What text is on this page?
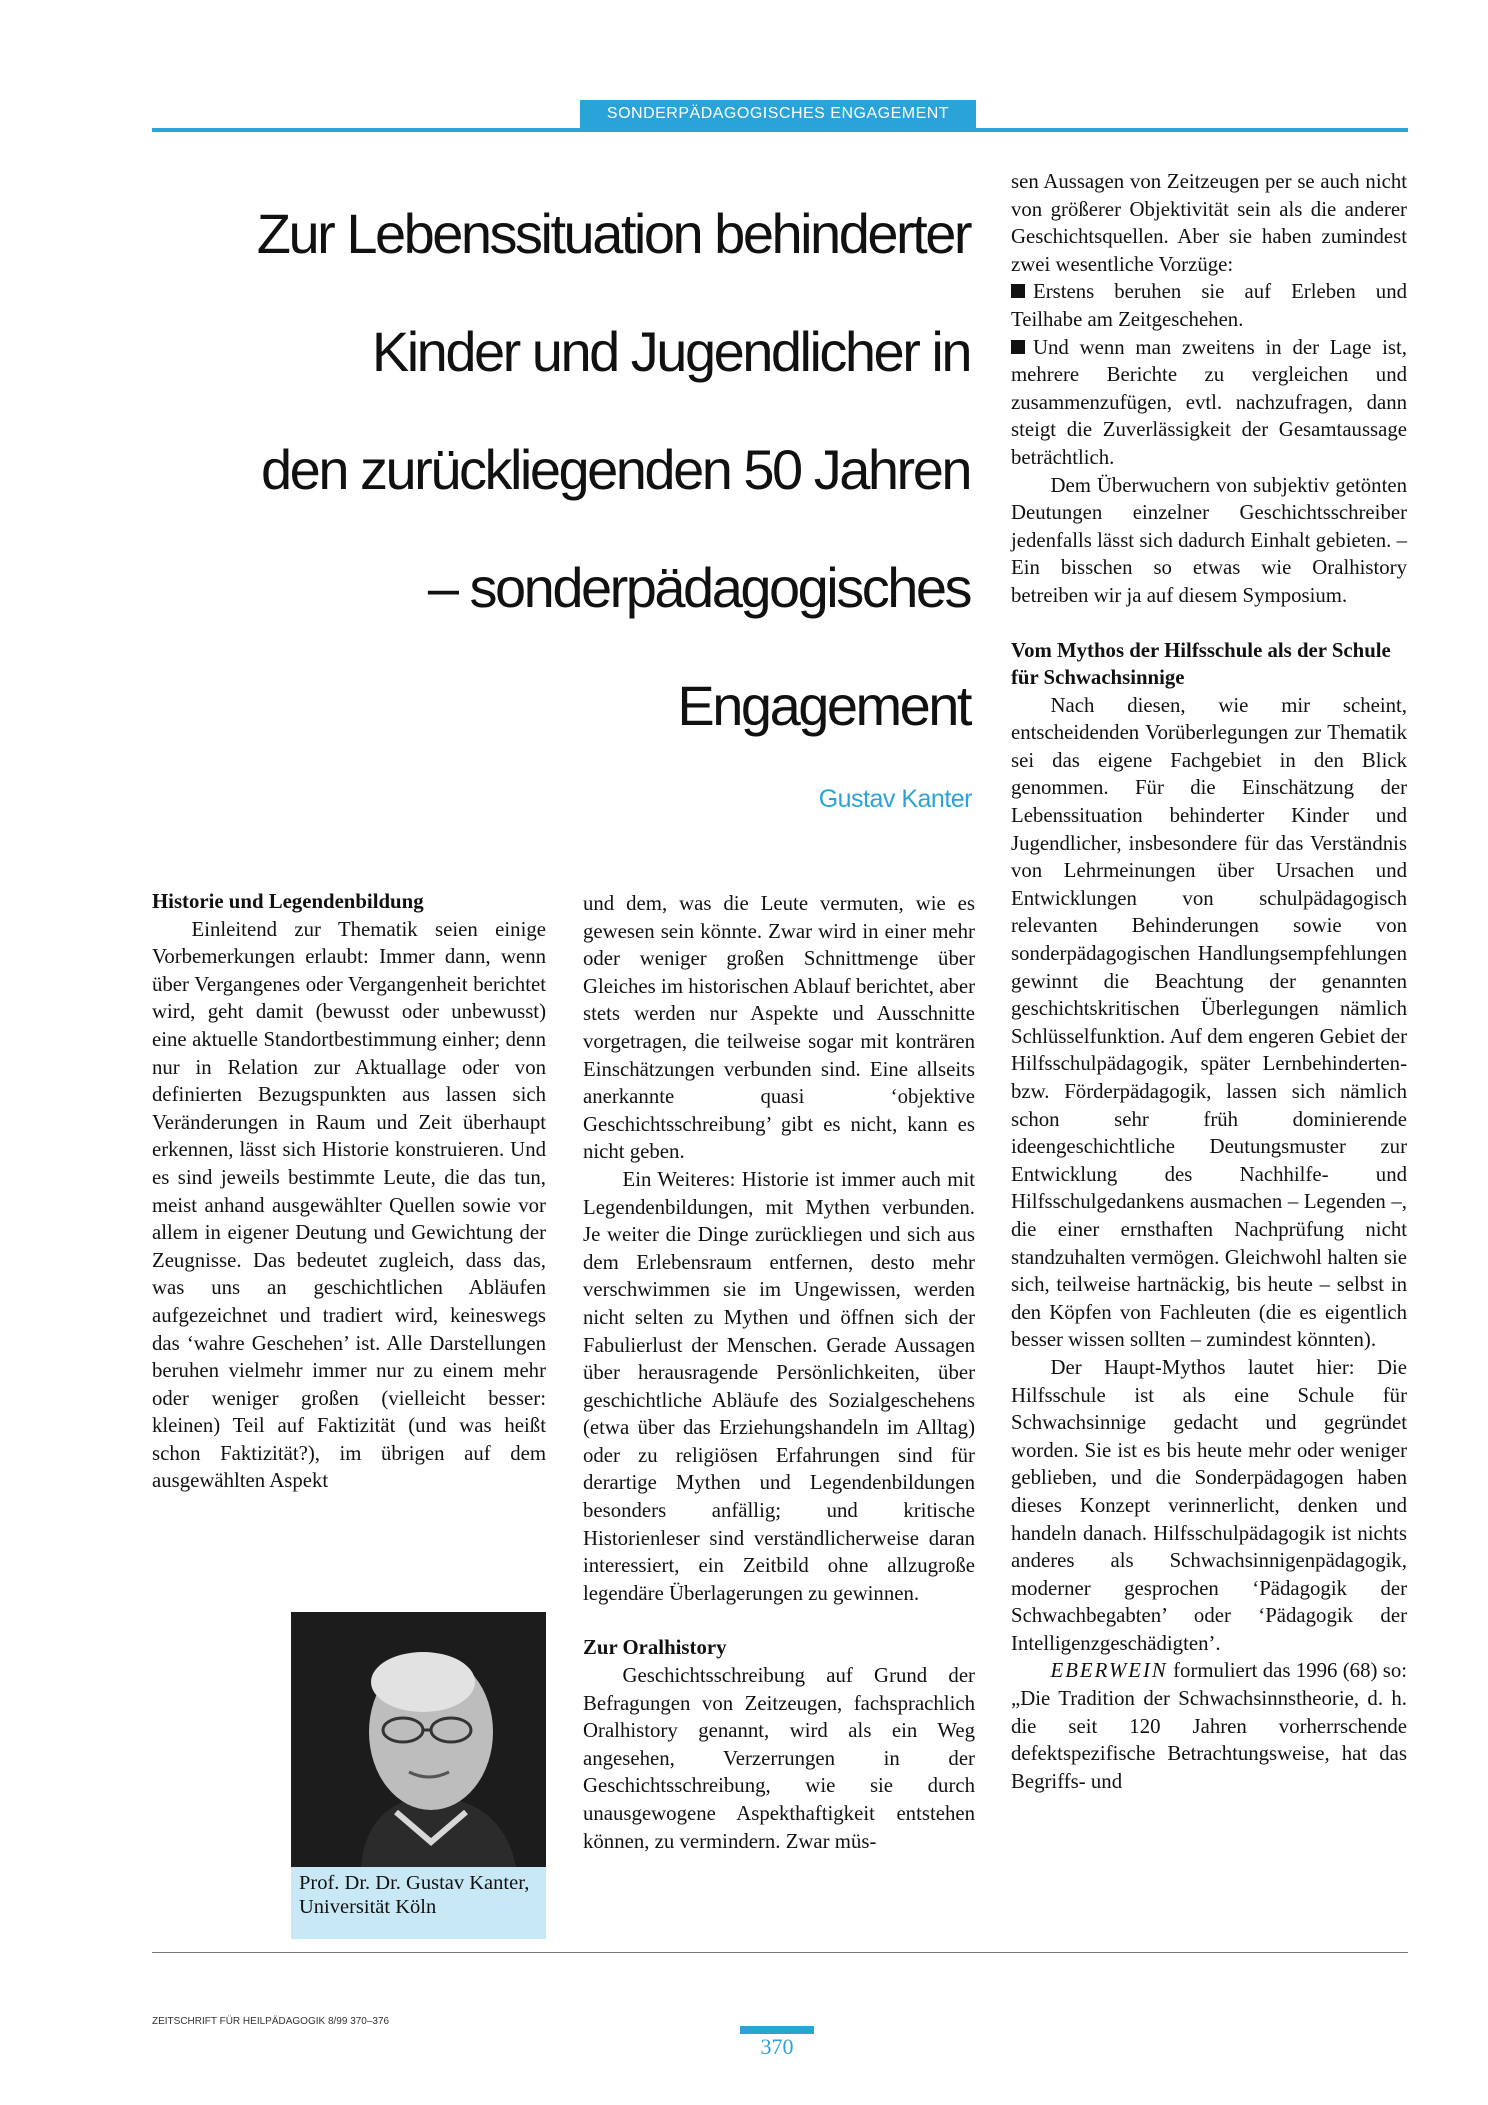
SONDERPÄDAGOGISCHES ENGAGEMENT
Zur Lebenssituation behinderter
Kinder und Jugendlicher in
den zurückliegenden 50 Jahren
– sonderpädagogisches
Engagement
Gustav Kanter
Historie und Legendenbildung

Einleitend zur Thematik seien einige Vorbemerkungen erlaubt: Immer dann, wenn über Vergangenes oder Vergangenheit berichtet wird, geht damit (bewusst oder unbewusst) eine aktuelle Standortbestimmung einher; denn nur in Relation zur Aktuallage oder von definierten Bezugspunkten aus lassen sich Veränderungen in Raum und Zeit überhaupt erkennen, lässt sich Historie konstruieren. Und es sind jeweils bestimmte Leute, die das tun, meist anhand ausgewählter Quellen sowie vor allem in eigener Deutung und Gewichtung der Zeugnisse. Das bedeutet zugleich, dass das, was uns an geschichtlichen Abläufen aufgezeichnet und tradiert wird, keineswegs das ‘wahre Geschehen’ ist. Alle Darstellungen beruhen vielmehr immer nur zu einem mehr oder weniger großen (vielleicht besser: kleinen) Teil auf Faktizität (und was heißt schon Faktizität?), im übrigen auf dem ausgewählten Aspekt

Prof. Dr. Dr. Gustav Kanter, Universität Köln

und dem, was die Leute vermuten, wie es gewesen sein könnte. Zwar wird in einer mehr oder weniger großen Schnittmenge über Gleiches im historischen Ablauf berichtet, aber stets werden nur Aspekte und Ausschnitte vorgetragen, die teilweise sogar mit konträren Einschätzungen verbunden sind. Eine allseits anerkannte quasi ‘objektive Geschichtsschreibung’ gibt es nicht, kann es nicht geben.

Ein Weiteres: Historie ist immer auch mit Legendenbildungen, mit Mythen verbunden. Je weiter die Dinge zurückliegen und sich aus dem Erlebensraum entfernen, desto mehr verschwimmen sie im Ungewissen, werden nicht selten zu Mythen und öffnen sich der Fabulierlust der Menschen. Gerade Aussagen über herausragende Persönlichkeiten, über geschichtliche Abläufe des Sozialgeschehens (etwa über das Erziehungshandeln im Alltag) oder zu religiösen Erfahrungen sind für derartige Mythen und Legendenbildungen besonders anfällig; und kritische Historienleser sind verständlicherweise daran interessiert, ein Zeitbild ohne allzugroße legendäre Überlagerungen zu gewinnen.

Zur Oralhistory

Geschichtsschreibung auf Grund der Befragungen von Zeitzeugen, fachsprachlich Oralhistory genannt, wird als ein Weg angesehen, Verzerrungen in der Geschichtsschreibung, wie sie durch unausgewogene Aspekthaftigkeit entstehen können, zu vermindern. Zwar müs-

sen Aussagen von Zeitzeugen per se auch nicht von größerer Objektivität sein als die anderer Geschichtsquellen. Aber sie haben zumindest zwei wesentliche Vorzüge:

Erstens beruhen sie auf Erleben und Teilhabe am Zeitgeschehen.

Und wenn man zweitens in der Lage ist, mehrere Berichte zu vergleichen und zusammenzufügen, evtl. nachzufragen, dann steigt die Zuverlässigkeit der Gesamtaussage beträchtlich.

Dem Überwuchern von subjektiv getönten Deutungen einzelner Geschichtsschreiber jedenfalls lässt sich dadurch Einhalt gebieten. – Ein bisschen so etwas wie Oralhistory betreiben wir ja auf diesem Symposium.

Vom Mythos der Hilfsschule als der Schule für Schwachsinnige

Nach diesen, wie mir scheint, entscheidenden Vorüberlegungen zur Thematik sei das eigene Fachgebiet in den Blick genommen. Für die Einschätzung der Lebenssituation behinderter Kinder und Jugendlicher, insbesondere für das Verständnis von Lehrmeinungen über Ursachen und Entwicklungen von schulpädagogisch relevanten Behinderungen sowie von sonderpädagogischen Handlungsempfehlungen gewinnt die Beachtung der genannten geschichtskritischen Überlegungen nämlich Schlüsselfunktion. Auf dem engeren Gebiet der Hilfsschulpädagogik, später Lernbehinderten- bzw. Förderpädagogik, lassen sich nämlich schon sehr früh dominierende ideengeschichtliche Deutungsmuster zur Entwicklung des Nachhilfe- und Hilfsschulgedankens ausmachen – Legenden –, die einer ernsthaften Nachprüfung nicht standzuhalten vermögen. Gleichwohl halten sie sich, teilweise hartnäckig, bis heute – selbst in den Köpfen von Fachleuten (die es eigentlich besser wissen sollten – zumindest könnten).

Der Haupt-Mythos lautet hier: Die Hilfsschule ist als eine Schule für Schwachsinnige gedacht und gegründet worden. Sie ist es bis heute mehr oder weniger geblieben, und die Sonderpädagogen haben dieses Konzept verinnerlicht, denken und handeln danach. Hilfsschulpädagogik ist nichts anderes als Schwachsinnigenpädagogik, moderner gesprochen ‘Pädagogik der Schwachbegabten’ oder ‘Pädagogik der Intelligenzgeschädigten’.

EBERWEIN formuliert das 1996 (68) so: „Die Tradition der Schwachsinnstheorie, d. h. die seit 120 Jahren vorherrschende defektspezifische Betrachtungsweise, hat das Begriffs- und

ZEITSCHRIFT FÜR HEILPÄDAGOGIK 8/99 370–376
370
